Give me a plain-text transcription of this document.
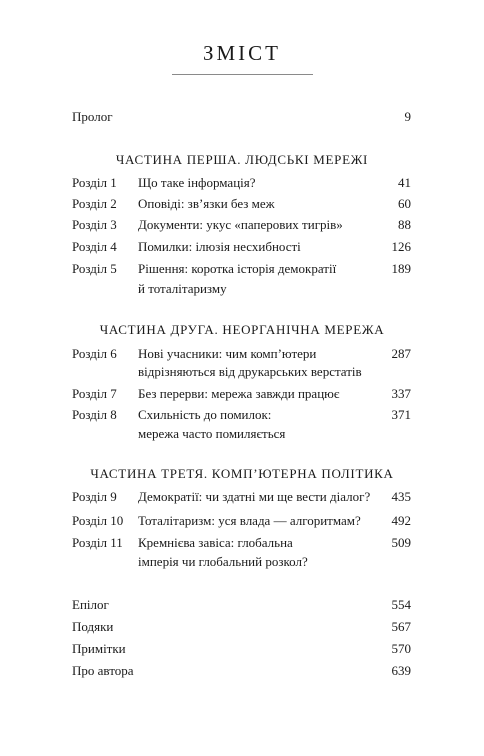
ЗМІСТ
Пролог	9
ЧАСТИНА ПЕРША. ЛЮДСЬКІ МЕРЕЖІ
Розділ 1 Що таке інформація?	41
Розділ 2 Оповіді: зв’язки без меж	60
Розділ 3 Документи: укус «паперових тигрів»	88
Розділ 4 Помилки: ілюзія несхибності	126
Розділ 5 Рішення: коротка історія демократії	189
й тоталітаризму
ЧАСТИНА ДРУГА. НЕОРГАНІЧНА МЕРЕЖА
Розділ 6 Нові учасники: чим комп’ютери	287
відрізняються від друкарських верстатів
Розділ 7 Без перерви: мережа завжди працює	337
Розділ 8 Схильність до помилок:	371
мережа часто помиляється
ЧАСТИНА ТРЕТЯ. КОМП’ЮТЕРНА ПОЛІТИКА
Розділ 9 Демократії: чи здатні ми ще вести діалог?	435
Розділ 10 Тоталітаризм: уся влада — алгоритмам?	492
Розділ 11 Кремнієва завіса: глобальна	509
імперія чи глобальний розкол?
Епілог	554
Подяки	567
Примітки	570
Про автора	639
